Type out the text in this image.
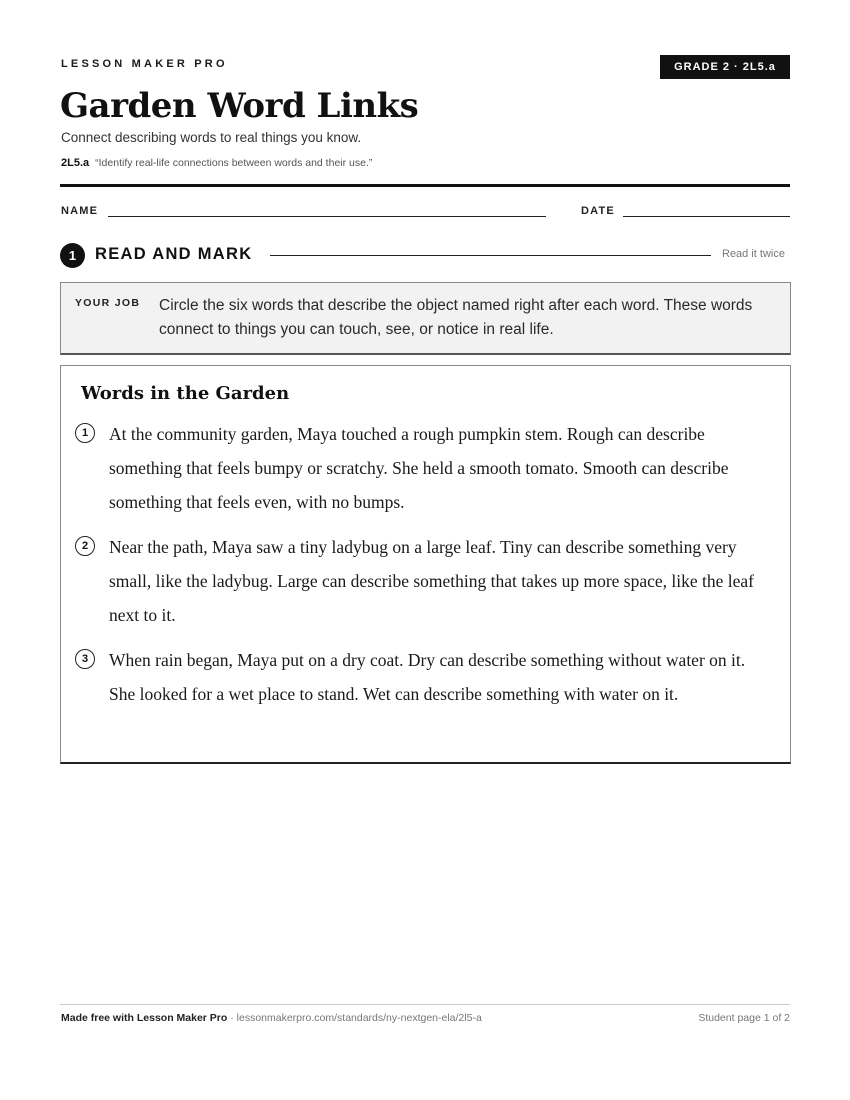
LESSON MAKER PRO	GRADE 2 · 2L5.a
Garden Word Links
Connect describing words to real things you know.
2L5.a “Identify real-life connections between words and their use.”
NAME	DATE
1	READ AND MARK	Read it twice
YOUR JOB Circle the six words that describe the object named right after each word. These words connect to things you can touch, see, or notice in real life.
Words in the Garden
1	At the community garden, Maya touched a rough pumpkin stem. Rough can describe something that feels bumpy or scratchy. She held a smooth tomato. Smooth can describe something that feels even, with no bumps.
2	Near the path, Maya saw a tiny ladybug on a large leaf. Tiny can describe something very small, like the ladybug. Large can describe something that takes up more space, like the leaf next to it.
3	When rain began, Maya put on a dry coat. Dry can describe something without water on it. She looked for a wet place to stand. Wet can describe something with water on it.
Made free with Lesson Maker Pro · lessonmakerpro.com/standards/ny-nextgen-ela/2l5-a	Student page 1 of 2
